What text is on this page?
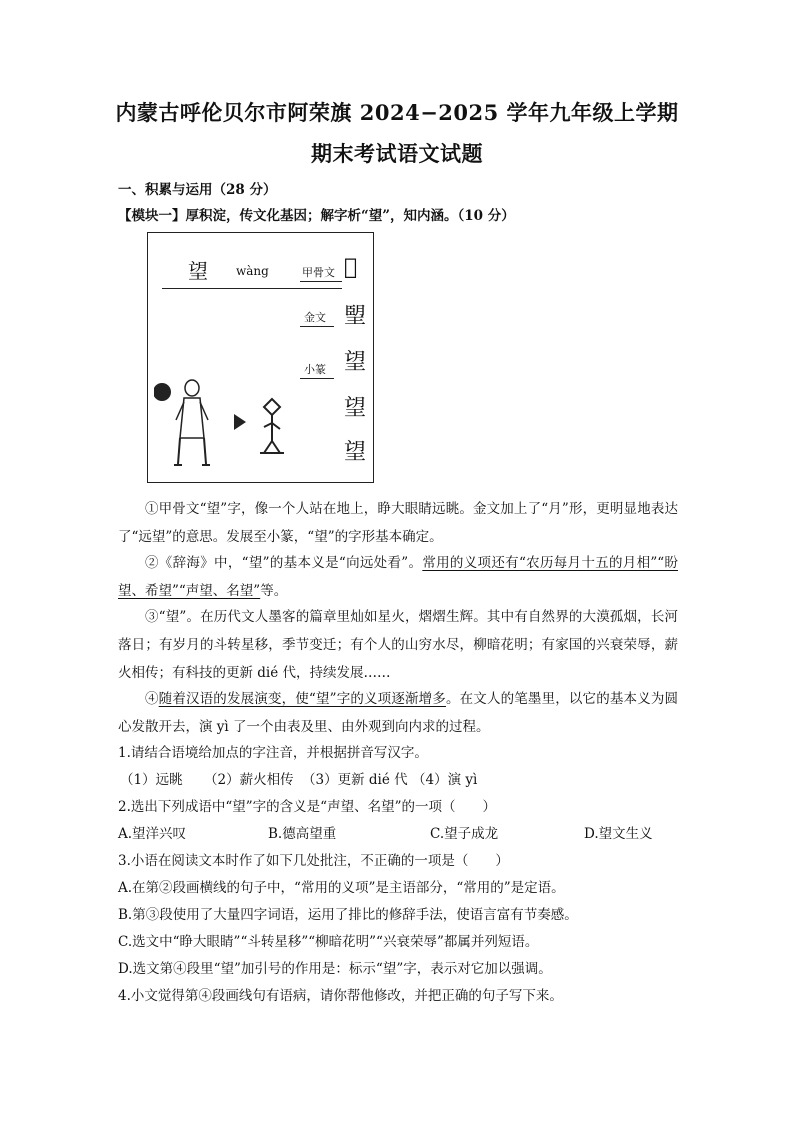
内蒙古呼伦贝尔市阿荣旗 2024−2025 学年九年级上学期
期末考试语文试题
一、积累与运用（28 分）
【模块一】厚积淀，传文化基因；解字析“望”，知内涵。（10 分）
望 wàng	甲骨文
金文
小篆
𫝀
朢
望
望
望
①甲骨文“望”字，像一个人站在地上，睁大眼睛远眺。金文加上了“月”形，更明显地表达了“远望”的意思。发展至小篆，“望”的字形基本确定。
②《辞海》中，“望”的基本义是“向远处看”。常用的义项还有“农历每月十五的月相”“盼望、希望”“声望、名望”等。
③“望”。在历代文人墨客的篇章里灿如星火，熠熠生辉。其中有自然界的大漠孤烟，长河落日；有岁月的斗转星移，季节变迁；有个人的山穷水尽，柳暗花明；有家国的兴衰荣辱，薪火相传；有科技的更新 dié 代，持续发展……
④随着汉语的发展演变，使“望”字的义项逐渐增多。在文人的笔墨里，以它的基本义为圆心发散开去，演 yì 了一个由表及里、由外观到向内求的过程。
1.请结合语境给加点的字注音，并根据拼音写汉字。
（1）远眺 （2）薪火相传 （3）更新 dié 代 （4）演 yì
2.选出下列成语中“望”字的含义是“声望、名望”的一项（　　）
A.望洋兴叹	B.德高望重	C.望子成龙	D.望文生义
3.小语在阅读文本时作了如下几处批注，不正确的一项是（　　）
A.在第②段画横线的句子中，“常用的义项”是主语部分，“常用的”是定语。
B.第③段使用了大量四字词语，运用了排比的修辞手法，使语言富有节奏感。
C.选文中“睁大眼睛”“斗转星移”“柳暗花明”“兴衰荣辱”都属并列短语。
D.选文第④段里“望”加引号的作用是：标示“望”字，表示对它加以强调。
4.小文觉得第④段画线句有语病，请你帮他修改，并把正确的句子写下来。
